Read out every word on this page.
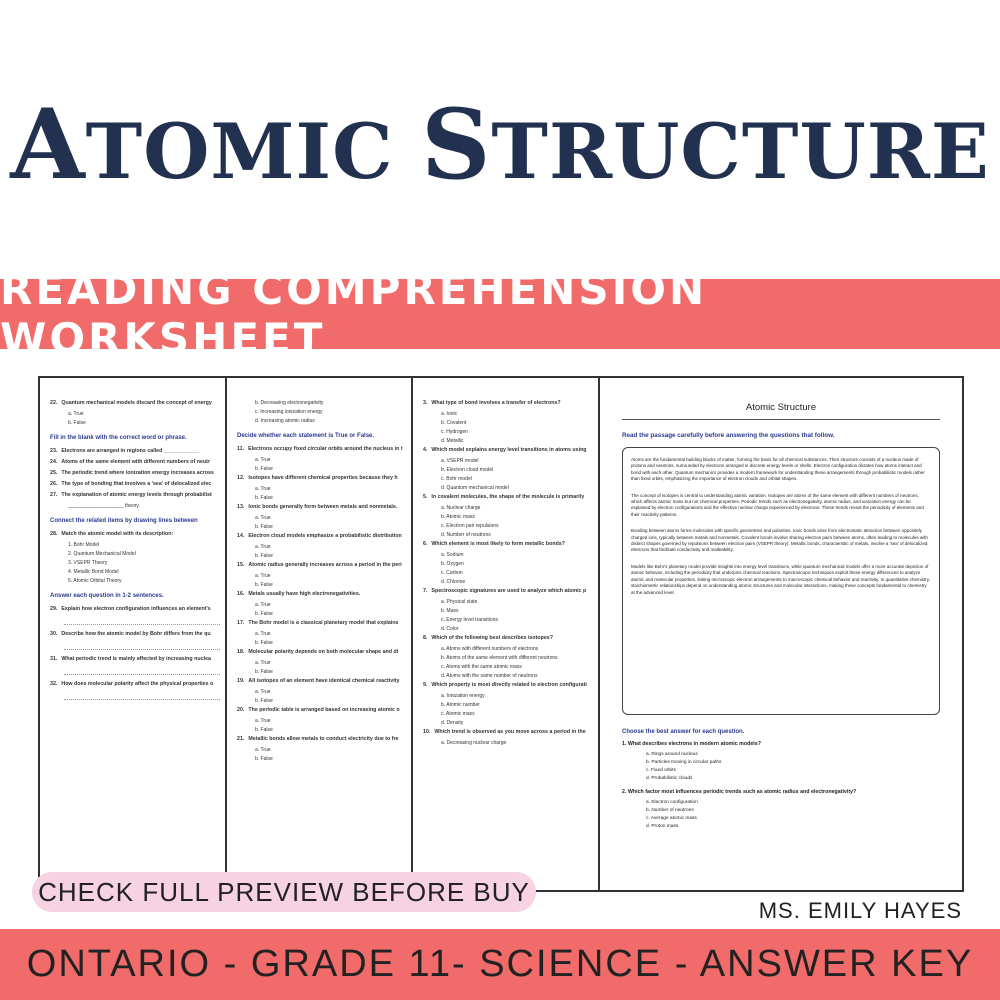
ATOMIC STRUCTURE
READING COMPREHENSION WORKSHEET
22. Quantum mechanical models discard the concept of energy
a. True
b. False
Fill in the blank with the correct word or phrase.
23. Electrons are arranged in regions called ____________
24. Atoms of the same element with different numbers of neutr
25. The periodic trend where ionization energy increases across
26. The type of bonding that involves a 'sea' of delocalized elec
27. The explanation of atomic energy levels through probabilist
____________________ theory.
Connect the related items by drawing lines between
28. Match the atomic model with its description:
1. Bohr Model
2. Quantum Mechanical Model
3. VSEPR Theory
4. Metallic Bond Model
5. Atomic Orbital Theory
Answer each question in 1-2 sentences.
29. Explain how electron configuration influences an element's
30. Describe how the atomic model by Bohr differs from the qu
31. What periodic trend is mainly affected by increasing nuclea
32. How does molecular polarity affect the physical properties o
b. Decreasing electronegativity
c. Increasing ionization energy
d. Increasing atomic radius
Decide whether each statement is True or False.
11. Electrons occupy fixed circular orbits around the nucleus in t
a. True
b. False
12. Isotopes have different chemical properties because they h
a. True
b. False
13. Ionic bonds generally form between metals and nonmetals.
a. True
b. False
14. Electron cloud models emphasize a probabilistic distribution
a. True
b. False
15. Atomic radius generally increases across a period in the peri
a. True
b. False
16. Metals usually have high electronegativities.
a. True
b. False
17. The Bohr model is a classical planetary model that explains
a. True
b. False
18. Molecular polarity depends on both molecular shape and di
a. True
b. False
19. All isotopes of an element have identical chemical reactivity
a. True
b. False
20. The periodic table is arranged based on increasing atomic n
a. True
b. False
21. Metallic bonds allow metals to conduct electricity due to fre
a. True
b. False
3. What type of bond involves a transfer of electrons?
a. Ionic
b. Covalent
c. Hydrogen
d. Metallic
4. Which model explains energy level transitions in atoms using
a. VSEPR model
b. Electron cloud model
c. Bohr model
d. Quantum mechanical model
5. In covalent molecules, the shape of the molecule is primarily
a. Nuclear charge
b. Atomic mass
c. Electron pair repulsions
d. Number of neutrons
6. Which element is most likely to form metallic bonds?
a. Sodium
b. Oxygen
c. Carbon
d. Chlorine
7. Spectroscopic signatures are used to analyze which atomic p
a. Physical state
b. Mass
c. Energy level transitions
d. Color
8. Which of the following best describes isotopes?
a. Atoms with different numbers of electrons
b. Atoms of the same element with different neutrons
c. Atoms with the same atomic mass
d. Atoms with the same number of neutrons
9. Which property is most directly related to electron configurati
a. Ionization energy
b. Atomic number
c. Atomic mass
d. Density
10. Which trend is observed as you move across a period in the
a. Decreasing nuclear charge
Atomic Structure
Read the passage carefully before answering the questions that follow.

Atoms are the fundamental building blocks of matter, forming the basis for all chemical substances. Their structure consists of a nucleus made of protons and neutrons, surrounded by electrons arranged in discrete energy levels or shells. Electron configuration dictates how atoms interact and bond with each other. Quantum mechanics provides a modern framework for understanding these arrangements through probabilistic models rather than fixed orbits, emphasizing the importance of electron clouds and orbital shapes.

The concept of isotopes is central to understanding atomic variation. Isotopes are atoms of the same element with different numbers of neutrons, which affects atomic mass but not chemical properties. Periodic trends such as electronegativity, atomic radius, and ionization energy can be explained by electron configurations and the effective nuclear charge experienced by electrons. These trends reveal the periodicity of elements and their reactivity patterns.

Bonding between atoms forms molecules with specific geometries and polarities. Ionic bonds arise from electrostatic attraction between oppositely charged ions, typically between metals and nonmetals. Covalent bonds involve sharing electron pairs between atoms, often leading to molecules with distinct shapes governed by repulsions between electron pairs (VSEPR theory). Metallic bonds, characteristic of metals, involve a 'sea' of delocalized electrons that facilitate conductivity and malleability.

Models like Bohr's planetary model provide insights into energy level transitions, while quantum mechanical models offer a more accurate depiction of atomic behavior, including the periodicity that underpins chemical reactions. Spectroscopic techniques exploit these energy differences to analyze atomic and molecular properties, linking microscopic electron arrangements to macroscopic chemical behavior and reactivity. In quantitative chemistry, stoichiometric relationships depend on understanding atomic structures and molecular interactions, making these concepts fundamental to chemistry at the advanced level.

Choose the best answer for each question.
1. What describes electrons in modern atomic models?
a. Rings around nucleus
b. Particles moving in circular paths
c. Fixed orbits
d. Probabilistic clouds
2. Which factor most influences periodic trends such as atomic radius and electronegativity?
a. Electron configuration
b. Number of neutrons
c. Average atomic mass
d. Proton mass
CHECK FULL PREVIEW BEFORE BUY
MS. EMILY HAYES
ONTARIO - GRADE 11- SCIENCE - ANSWER KEY
